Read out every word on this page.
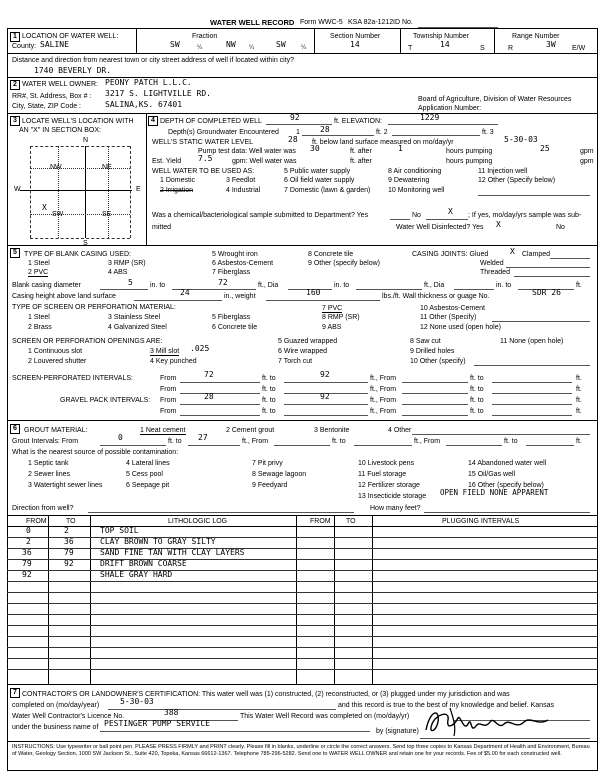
WATER WELL RECORD Form WWC-5 KSA 82a-1212 ID No.
1 LOCATION OF WATER WELL:
County: SALINE
Fraction
SW	¼	NW ¼	SW	¼
Section Number
14
Township Number
T	14	S
Range Number
R	3W E/W
Distance and direction from nearest town or city street address of well if located within city?
1740 BEVERLY DR.
2 WATER WELL OWNER: PEONY PATCH L.L.C.
RR#, St. Address, Box # : 3217 S. LIGHTVILLE RD.
City, State, ZIP Code :	SALINA,KS. 67401
Board of Agriculture, Division of Water Resources
Application Number:
3 LOCATE WELL'S LOCATION WITH
AN "X" IN SECTION BOX:
N
S
W	E
NW	NE
SW	SE
X
4 DEPTH OF COMPLETED WELL	92	ft. ELEVATION:	1229
Depth(s) Groundwater Encountered 1	28	ft. 2	ft. 3
WELL'S STATIC WATER LEVEL	28 ft. below land surface measured on mo/day/yr	5-30-03
Pump test data: Well water was 30	ft. after	1	hours pumping	25	gpm
Est. Yield 7.5	gpm: Well water was	ft. after	hours pumping	gpm
WELL WATER TO BE USED AS:
1 Domestic	3 Feedlot
5 Public water supply	8 Air conditioning	11 Injection well
2 Irrigation	4 Industrial
6 Oil field water supply	9 Dewatering	12 Other (Specify below)
7 Domestic (lawn & garden)	10 Monitoring well
Was a chemical/bacteriological sample submitted to Department? Yes	No	X ; If yes, mo/day/yrs sample was sub-
mitted	Water Well Disinfected? Yes X	No
5	TYPE OF BLANK CASING USED:
1 Steel	3 RMP (SR)
5 Wrought iron	8 Concrete tile
2 PVC	4 ABS
6 Asbestos-Cement	9 Other (specify below)
7 Fiberglass
CASING JOINTS: Glued	X Clamped
Welded
Threaded
Blank casing diameter	5 in. to	72	ft., Dia	in. to	ft., Dia	in. to	ft.
Casing height above land surface	24	in., weight	160	lbs./ft. Wall thickness or guage No.	SDR 26
TYPE OF SCREEN OR PERFORATION MATERIAL:
1 Steel	3 Stainless Steel	5 Fiberglass
7 PVC	10 Asbestos-Cement
2 Brass	4 Galvanized Steel	6 Concrete tile
8 RMP (SR)	11 Other (Specify)
9 ABS	12 None used (open hole)
SCREEN OR PERFORATION OPENINGS ARE:	5 Guazed wrapped	8 Saw cut	11 None (open hole)
1 Continuous slot	3 Mill slot .025	6 Wire wrapped	9 Drilled holes
2 Louvered shutter	4 Key punched	7 Torch cut	10 Other (specify)
SCREEN-PERFORATED INTERVALS:	From	72	ft. to	92	ft., From	ft. to	ft.
From	ft. to	ft., From	ft. to	ft.
GRAVEL PACK INTERVALS: From	28	ft. to	92	ft., From	ft. to	ft.
From	ft. to	ft., From	ft. to	ft.
6	GROUT MATERIAL:	1 Neat cement	2 Cement grout	3 Bentonite	4 Other
Grout Intervals: From	0	ft. to 27	ft., From	ft. to	ft., From	ft. to	ft.
What is the nearest source of possible contamination:
1 Septic tank	4 Lateral lines	7 Pit privy	10 Livestock pens	14 Abandoned water well
2 Sewer lines	5 Cess pool	8 Sewage lagoon	11 Fuel storage	15 Oil/Gas well
3 Watertight sewer lines	6 Seepage pit	9 Feedyard	12 Fertilizer storage	16 Other (specify below)
13 Insecticide storage OPEN FIELD NONE APPARENT
Direction from well?	How many feet?
FROM	TO	LITHOLOGIC LOG	FROM TO	PLUGGING INTERVALS
0	2	TOP SOIL
2	36	CLAY BROWN TO GRAY SILTY
36	79	SAND FINE TAN WITH CLAY LAYERS
79	92	DRIFT BROWN COARSE
92	SHALE GRAY HARD
7 CONTRACTOR'S OR LANDOWNER'S CERTIFICATION: This water well was (1) constructed, (2) reconstructed, or (3) plugged under my jurisdiction and was
completed on (mo/day/year)	5-30-03	and this record is true to the best of my knowledge and belief. Kansas
Water Well Contractor's Licence No.	388	This Water Well Record was completed on (mo/day/yr)
under the business name of PESTINGER PUMP SERVICE
by (signature)
INSTRUCTIONS: Use typewriter or ball point pen. PLEASE PRESS FIRMLY and PRINT clearly. Please fill in blanks, underline or circle the correct answers. Send top three copies to Kansas Department of Health and Environment, Bureau of Water, Geology Section, 1000 SW Jackson St., Suite 420, Topeka, Kansas 66612-1367. Telephone 785-296-5282. Send one to WATER WELL OWNER and retain one for your records. Fee of $5.00 for each constructed well.
